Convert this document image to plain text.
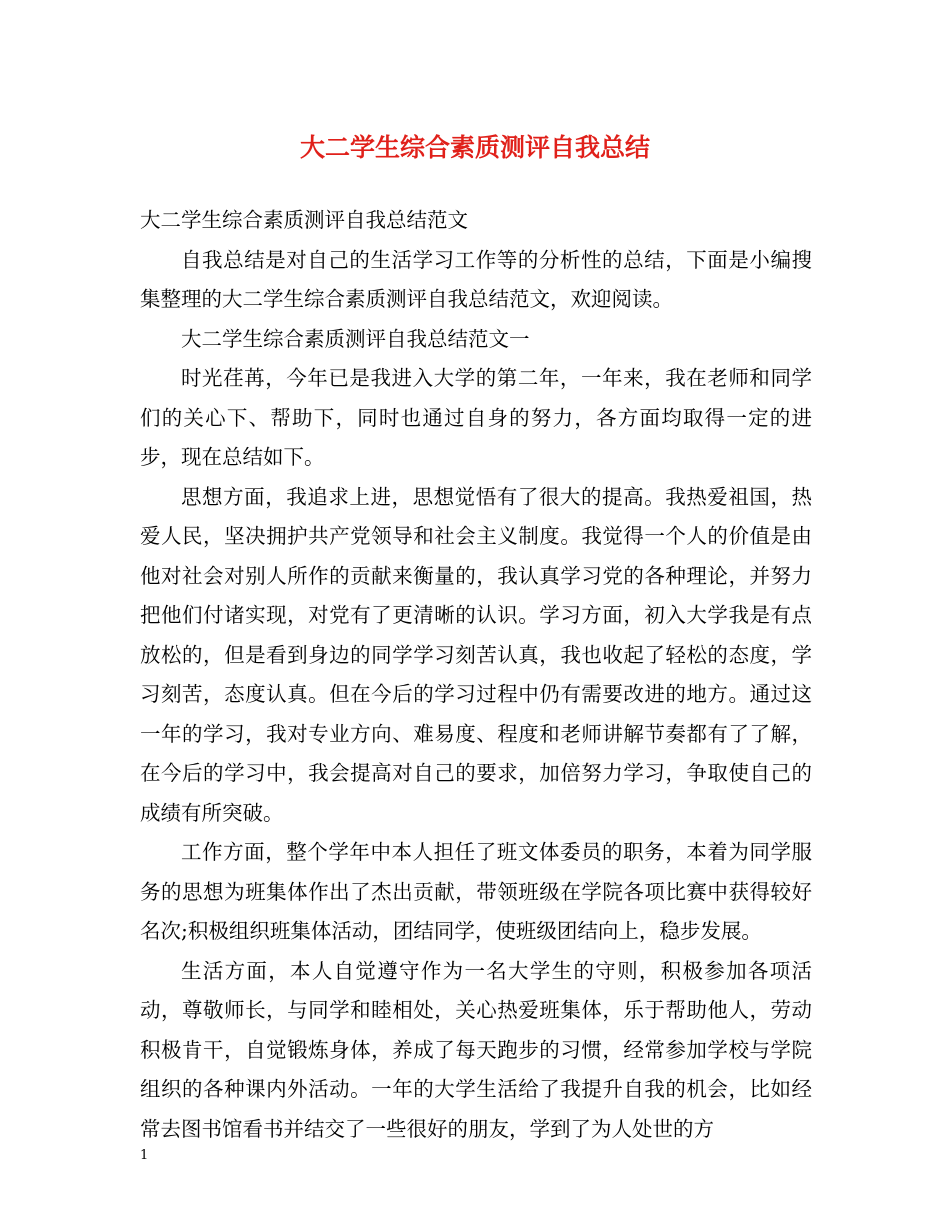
大二学生综合素质测评自我总结

大二学生综合素质测评自我总结范文

自我总结是对自己的生活学习工作等的分析性的总结，下面是小编搜集整理的大二学生综合素质测评自我总结范文，欢迎阅读。

大二学生综合素质测评自我总结范文一

时光荏苒，今年已是我进入大学的第二年，一年来，我在老师和同学们的关心下、帮助下，同时也通过自身的努力，各方面均取得一定的进步，现在总结如下。

思想方面，我追求上进，思想觉悟有了很大的提高。我热爱祖国，热爱人民，坚决拥护共产党领导和社会主义制度。我觉得一个人的价值是由他对社会对别人所作的贡献来衡量的，我认真学习党的各种理论，并努力把他们付诸实现，对党有了更清晰的认识。学习方面，初入大学我是有点放松的，但是看到身边的同学学习刻苦认真，我也收起了轻松的态度，学习刻苦，态度认真。但在今后的学习过程中仍有需要改进的地方。通过这一年的学习，我对专业方向、难易度、程度和老师讲解节奏都有了了解，在今后的学习中，我会提高对自己的要求，加倍努力学习，争取使自己的成绩有所突破。

工作方面，整个学年中本人担任了班文体委员的职务，本着为同学服务的思想为班集体作出了杰出贡献，带领班级在学院各项比赛中获得较好名次;积极组织班集体活动，团结同学，使班级团结向上，稳步发展。

生活方面，本人自觉遵守作为一名大学生的守则，积极参加各项活动，尊敬师长，与同学和睦相处，关心热爱班集体，乐于帮助他人，劳动积极肯干，自觉锻炼身体，养成了每天跑步的习惯，经常参加学校与学院组织的各种课内外活动。一年的大学生活给了我提升自我的机会，比如经常去图书馆看书并结交了一些很好的朋友，学到了为人处世的方

1
